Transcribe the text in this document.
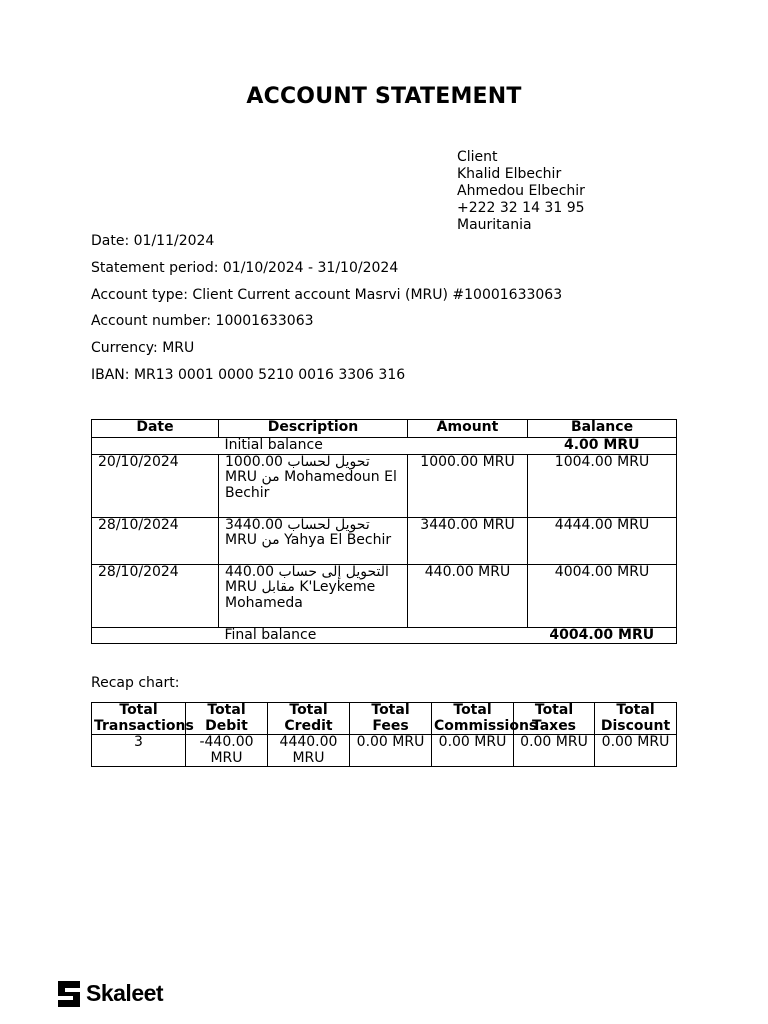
ACCOUNT STATEMENT
Client
Khalid Elbechir
Ahmedou Elbechir
+222 32 14 31 95
Mauritania
Date: 01/11/2024
Statement period: 01/10/2024 - 31/10/2024
Account type: Client Current account Masrvi (MRU) #10001633063
Account number: 10001633063
Currency: MRU
IBAN: MR13 0001 0000 5210 0016 3306 316
Date	Description	Amount	Balance
	Initial balance		4.00 MRU
20/10/2024	تحويل لحساب 1000.00 MRU من Mohamedoun El Bechir	1000.00 MRU	1004.00 MRU
28/10/2024	تحويل لحساب 3440.00 MRU من Yahya El Bechir	3440.00 MRU	4444.00 MRU
28/10/2024	التحويل إلى حساب 440.00 MRU مقابل K'Leykeme Mohameda	440.00 MRU	4004.00 MRU
	Final balance		4004.00 MRU
Recap chart:
Total Transactions	Total Debit	Total Credit	Total Fees	Total Commissions	Total Taxes	Total Discount
3	-440.00 MRU	4440.00 MRU	0.00 MRU	0.00 MRU	0.00 MRU	0.00 MRU
Skaleet
